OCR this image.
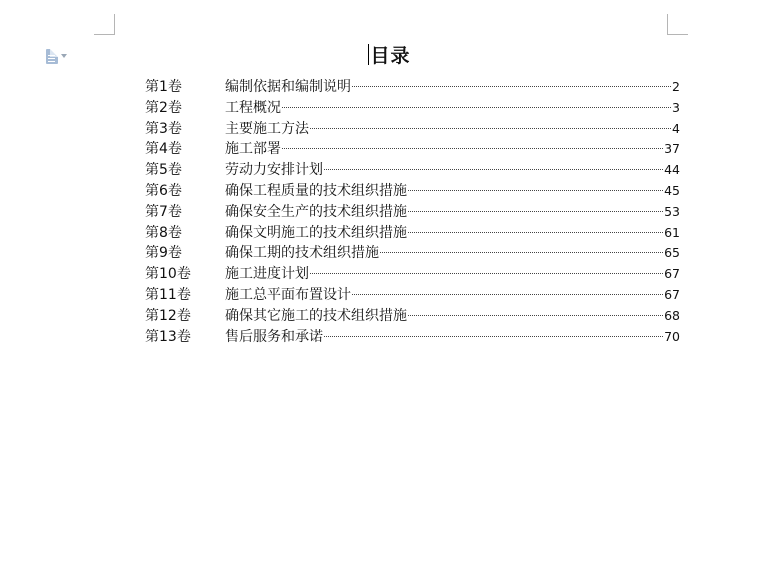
目录
第1卷	编制依据和编制说明	2
第2卷	工程概况	3
第3卷	主要施工方法	4
第4卷	施工部署	37
第5卷	劳动力安排计划	44
第6卷	确保工程质量的技术组织措施	45
第7卷	确保安全生产的技术组织措施	53
第8卷	确保文明施工的技术组织措施	61
第9卷	确保工期的技术组织措施	65
第10卷	施工进度计划	67
第11卷	施工总平面布置设计	67
第12卷	确保其它施工的技术组织措施	68
第13卷	售后服务和承诺	70
